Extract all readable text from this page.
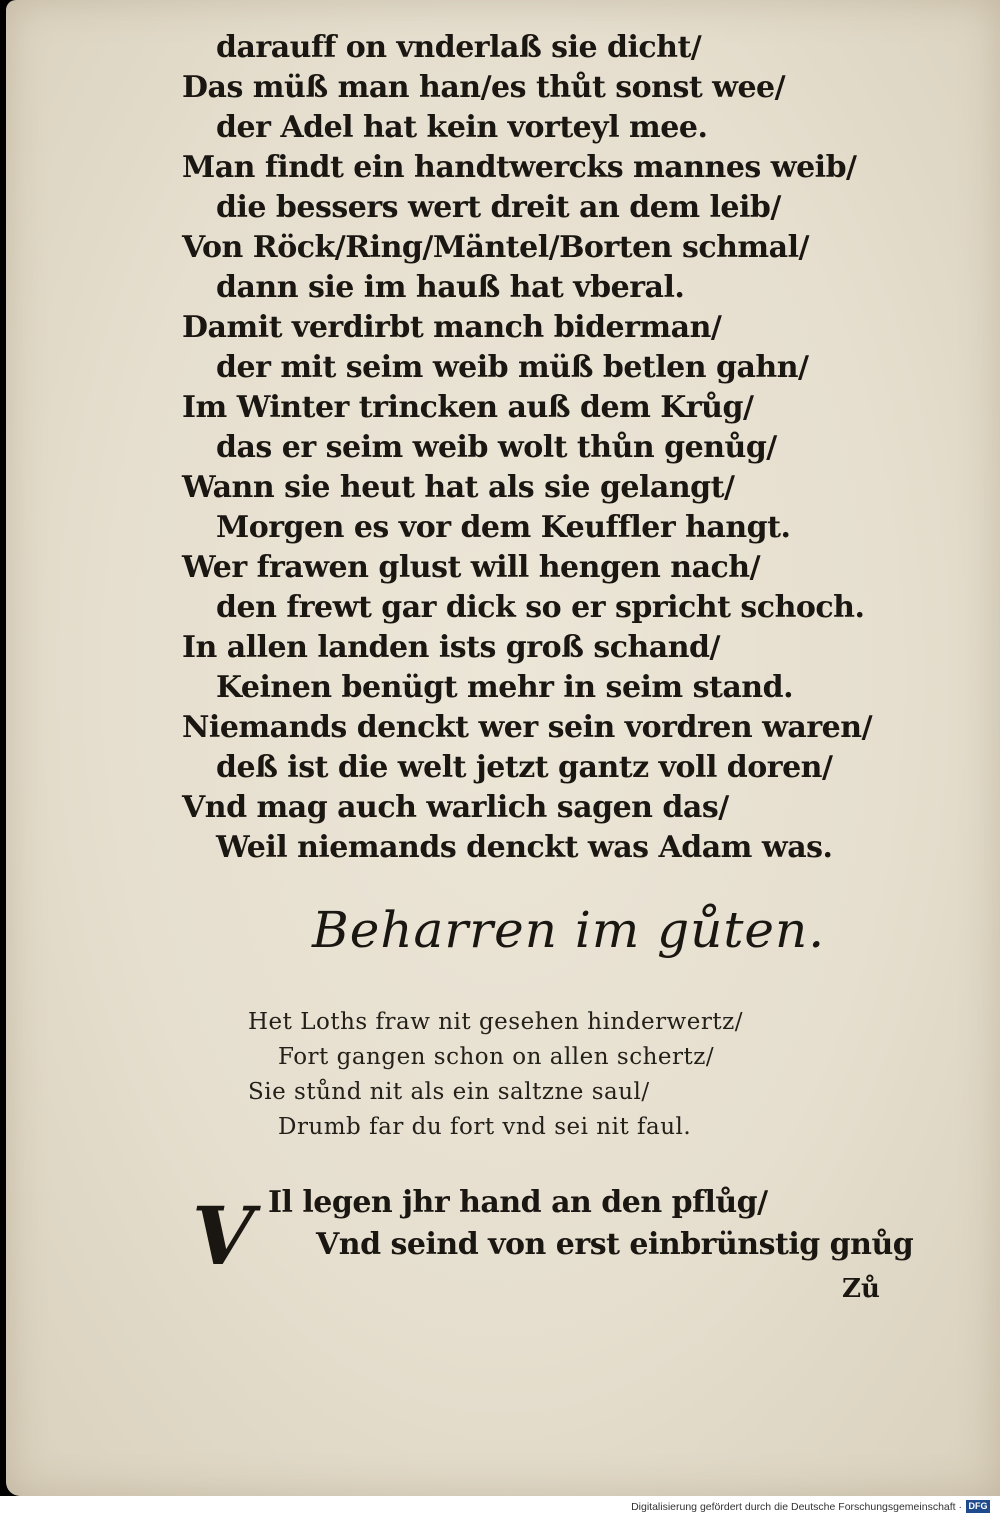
darauff on vnderlaß sie dicht/
Das müß man han/es thůt sonst wee/
der Adel hat kein vorteyl mee.
Man findt ein handtwercks mannes weib/
die bessers wert dreit an dem leib/
Von Röck/Ring/Mäntel/Borten schmal/
dann sie im hauß hat vberal.
Damit verdirbt manch biderman/
der mit seim weib müß betlen gahn/
Im Winter trincken auß dem Krůg/
das er seim weib wolt thůn genůg/
Wann sie heut hat als sie gelangt/
Morgen es vor dem Keuffler hangt.
Wer frawen glust will hengen nach/
den frewt gar dick so er spricht schoch.
In allen landen ists groß schand/
Keinen benügt mehr in seim stand.
Niemands denckt wer sein vordren waren/
deß ist die welt jetzt gantz voll doren/
Vnd mag auch warlich sagen das/
Weil niemands denckt was Adam was.
Beharren im gůten.
Het Loths fraw nit gesehen hinderwertz/
Fort gangen schon on allen schertz/
Sie stůnd nit als ein saltzne saul/
Drumb far du fort vnd sei nit faul.
V Il legen jhr hand an den pflůg/
Vnd seind von erst einbrünstig gnůg
Zů
Digitalisierung gefördert durch die Deutsche Forschungsgemeinschaft · DFG
